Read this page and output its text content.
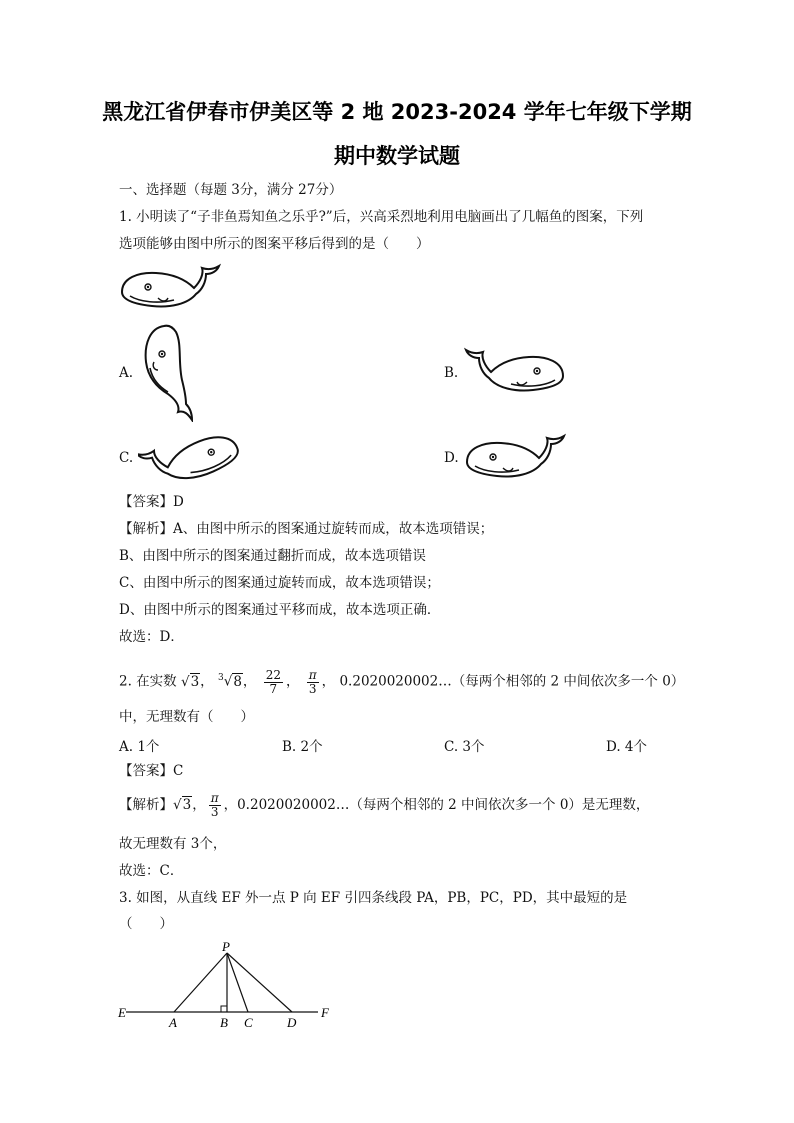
黑龙江省伊春市伊美区等 2 地 2023-2024 学年七年级下学期
期中数学试题
一、选择题（每题 3分，满分 27分）
1. 小明读了“子非鱼焉知鱼之乐乎?”后，兴高采烈地利用电脑画出了几幅鱼的图案，下列
选项能够由图中所示的图案平移后得到的是（　　）
A.	B.
C.	D.
【答案】D
【解析】A、由图中所示的图案通过旋转而成，故本选项错误；
B、由图中所示的图案通过翻折而成，故本选项错误
C、由图中所示的图案通过旋转而成，故本选项错误；
D、由图中所示的图案通过平移而成，故本选项正确．
故选：D．
2. 在实数 √3， $^3$√8， $\frac{22}{7}$ ， $\frac{\pi}{3}$ ， 0.2020020002…（每两个相邻的 2 中间依次多一个 0）
中，无理数有（　　）
A. 1个	B. 2个	C. 3个	D. 4个
【答案】C
【解析】√3， $\frac{\pi}{3}$ ，0.2020020002…（每两个相邻的 2 中间依次多一个 0）是无理数，
故无理数有 3个，
故选：C．
3. 如图，从直线 EF 外一点 P 向 EF 引四条线段 PA，PB，PC，PD，其中最短的是
（　　）
P
E
A	B C	D
F
